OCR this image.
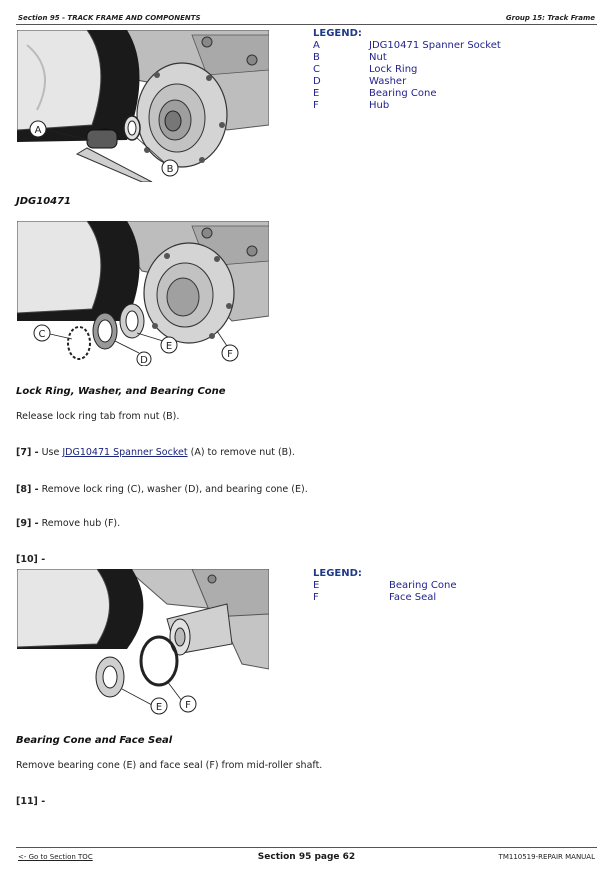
Section 95 - TRACK FRAME AND COMPONENTS	Group 15: Track Frame
A
B
LEGEND:
A	JDG10471 Spanner Socket
B	Nut
C	Lock Ring
D	Washer
E	Bearing Cone
F	Hub
JDG10471
C
D
E
F
Lock Ring, Washer, and Bearing Cone
Release lock ring tab from nut (B).
[7] - Use JDG10471 Spanner Socket (A) to remove nut (B).
[8] - Remove lock ring (C), washer (D), and bearing cone (E).
[9] - Remove hub (F).
[10] -
E F
LEGEND:
E	Bearing Cone
F	Face Seal
Bearing Cone and Face Seal
Remove bearing cone (E) and face seal (F) from mid-roller shaft.
[11] -
<- Go to Section TOC	Section 95 page 62	TM110519-REPAIR MANUAL
